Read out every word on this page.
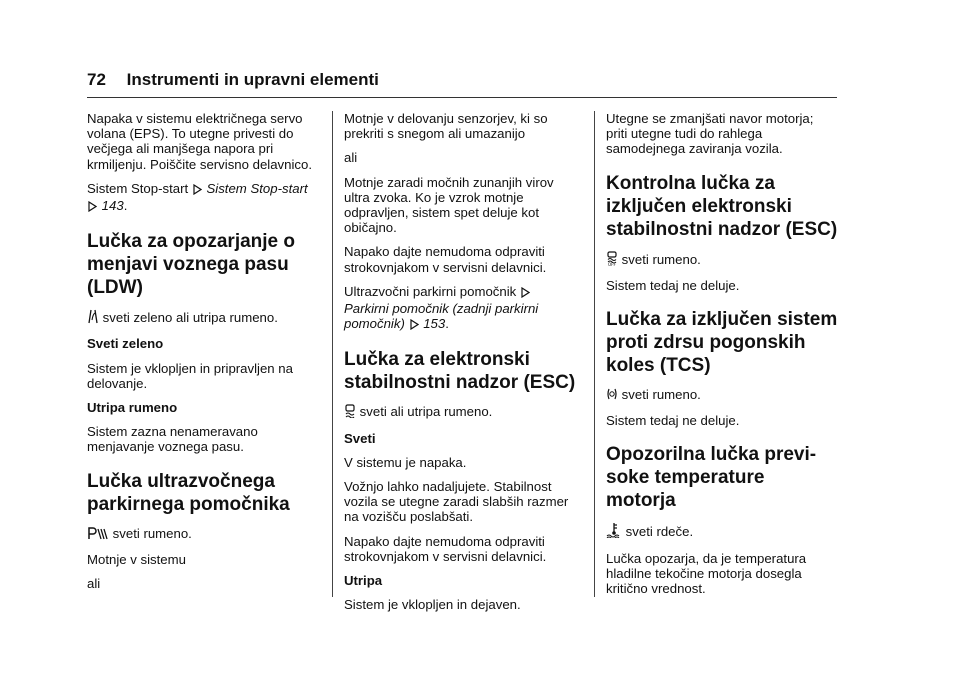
72 Instrumenti in upravni elementi

Napaka v sistemu električnega servo volana (EPS). To utegne privesti do večjega ali manjšega napora pri krmiljenju. Poiščite servisno delavnico.

Sistem Stop-start Sistem Stop-start  143.

Lučka za opozarjanje o menjavi voznega pasu (LDW)

sveti zeleno ali utripa rumeno.

Sveti zeleno

Sistem je vklopljen in pripravljen na delovanje.

Utripa rumeno

Sistem zazna nenameravano menjavanje voznega pasu.

Lučka ultrazvočnega parkirnega pomočnika

sveti rumeno.

Motnje v sistemu

ali

Motnje v delovanju senzorjev, ki so prekriti s snegom ali umazanijo

ali

Motnje zaradi močnih zunanjih virov ultra zvoka. Ko je vzrok motnje odpravljen, sistem spet deluje kot običajno.

Napako dajte nemudoma odpraviti strokovnjakom v servisni delavnici.

Ultrazvočni parkirni pomočnik
Parkirni pomočnik (zadnji parkirni pomočnik) 153.

Lučka za elektronski stabilnostni nadzor (ESC)

sveti ali utripa rumeno.

Sveti

V sistemu je napaka.

Vožnjo lahko nadaljujete. Stabilnost vozila se utegne zaradi slabših razmer na vozišču poslabšati.

Napako dajte nemudoma odpraviti strokovnjakom v servisni delavnici.

Utripa

Sistem je vklopljen in dejaven.

Utegne se zmanjšati navor motorja; priti utegne tudi do rahlega samodejnega zaviranja vozila.

Kontrolna lučka za izključen elektronski stabilnostni nadzor (ESC)

OFF sveti rumeno.

Sistem tedaj ne deluje.

Lučka za izključen sistem proti zdrsu pogonskih koles (TCS)

sveti rumeno.

Sistem tedaj ne deluje.

Opozorilna lučka previ-soke temperature motorja

sveti rdeče.

Lučka opozarja, da je temperatura hladilne tekočine motorja dosegla kritično vrednost.
